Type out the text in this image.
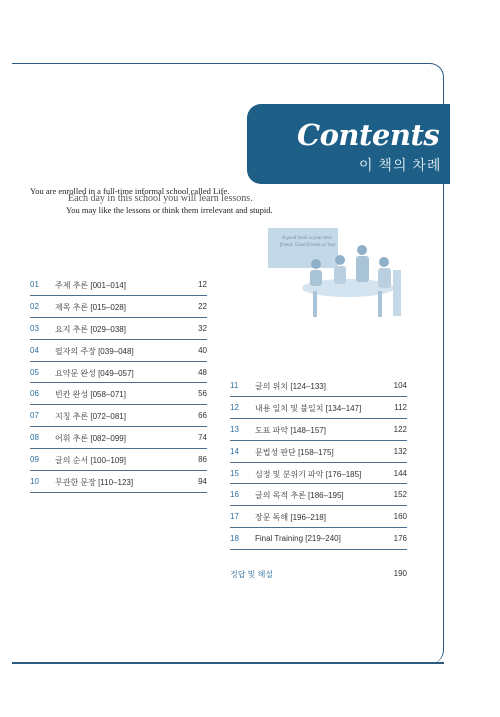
Contents
이 책의 차례
You are enrolled in a full-time informal school called Life.
Each day in this school you will learn lessons.
You may like the lessons or think them irrelevant and stupid.
A good book is your best
friend. Good friends at 'bas'
01 주제 추론 [001–014]	12
02 제목 추론 [015–028]	22
03 요지 추론 [029–038]	32
04 필자의 주장 [039–048]	40
05 요약문 완성 [049–057]	48
06 빈칸 완성 [058–071]	56
07 지칭 추론 [072–081]	66
08 어휘 추론 [082–099]	74
09 글의 순서 [100–109]	86
10 무관한 문장 [110–123]	94
11 글의 위치 [124–133]	104
12 내용 일치 및 불일치 [134–147]	112
13 도표 파악 [148–157]	122
14 문법성 판단 [158–175]	132
15 심정 및 분위기 파악 [176–185]	144
16 글의 목적 추론 [186–195]	152
17 장문 독해 [196–218]	160
18 Final Training [219–240]	176
정답 및 해설	190
